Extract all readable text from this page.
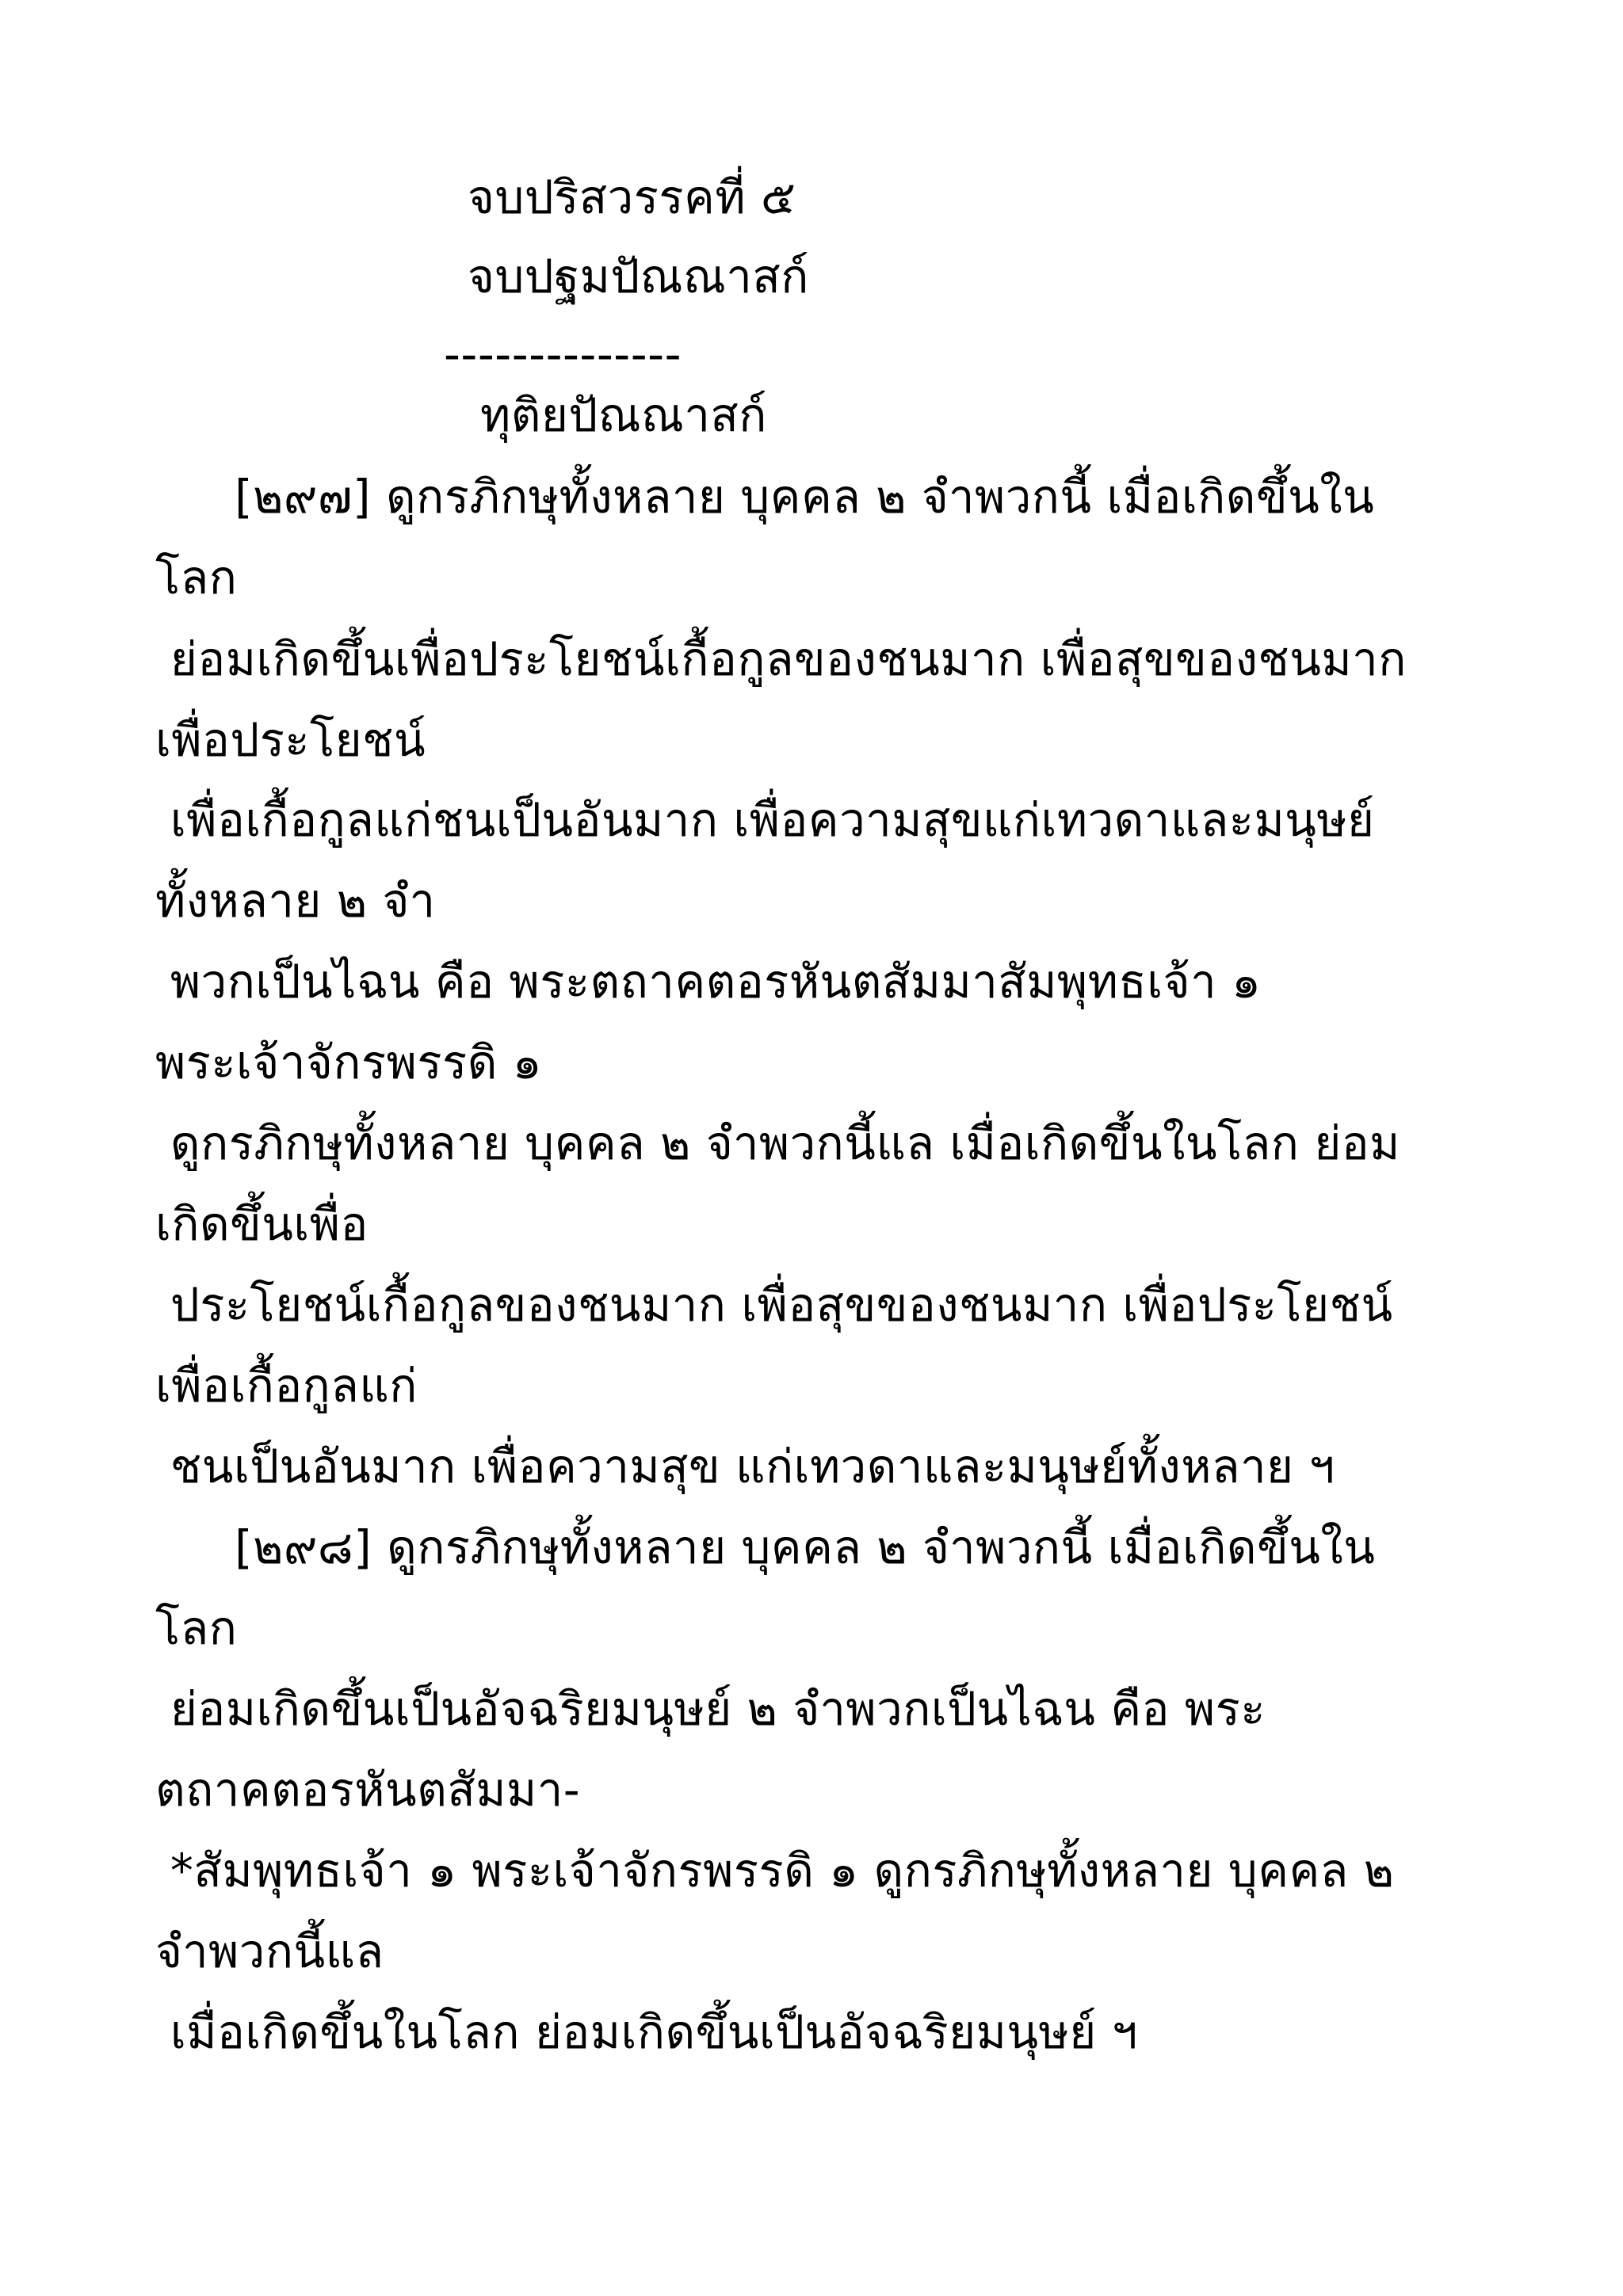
จบปริสวรรคที่ ๕
จบปฐมปัณณาสก์
--------------
ทุติยปัณณาสก์
[๒๙๗] ดูกรภิกษุทั้งหลาย บุคคล ๒ จำพวกนี้ เมื่อเกิดขึ้นใน
โลก
ย่อมเกิดขึ้นเพื่อประโยชน์เกื้อกูลของชนมาก เพื่อสุขของชนมาก
เพื่อประโยชน์
เพื่อเกื้อกูลแก่ชนเป็นอันมาก เพื่อความสุขแก่เทวดาและมนุษย์
ทั้งหลาย ๒ จำ
พวกเป็นไฉน คือ พระตถาคตอรหันตสัมมาสัมพุทธเจ้า ๑
พระเจ้าจักรพรรดิ ๑
ดูกรภิกษุทั้งหลาย บุคคล ๒ จำพวกนี้แล เมื่อเกิดขึ้นในโลก ย่อม
เกิดขึ้นเพื่อ
ประโยชน์เกื้อกูลของชนมาก เพื่อสุขของชนมาก เพื่อประโยชน์
เพื่อเกื้อกูลแก่
ชนเป็นอันมาก เพื่อความสุข แก่เทวดาและมนุษย์ทั้งหลาย ฯ
[๒๙๘] ดูกรภิกษุทั้งหลาย บุคคล ๒ จำพวกนี้ เมื่อเกิดขึ้นใน
โลก
ย่อมเกิดขึ้นเป็นอัจฉริยมนุษย์ ๒ จำพวกเป็นไฉน คือ พระ
ตถาคตอรหันตสัมมา-
*สัมพุทธเจ้า ๑ พระเจ้าจักรพรรดิ ๑ ดูกรภิกษุทั้งหลาย บุคคล ๒
จำพวกนี้แล
เมื่อเกิดขึ้นในโลก ย่อมเกิดขึ้นเป็นอัจฉริยมนุษย์ ฯ
